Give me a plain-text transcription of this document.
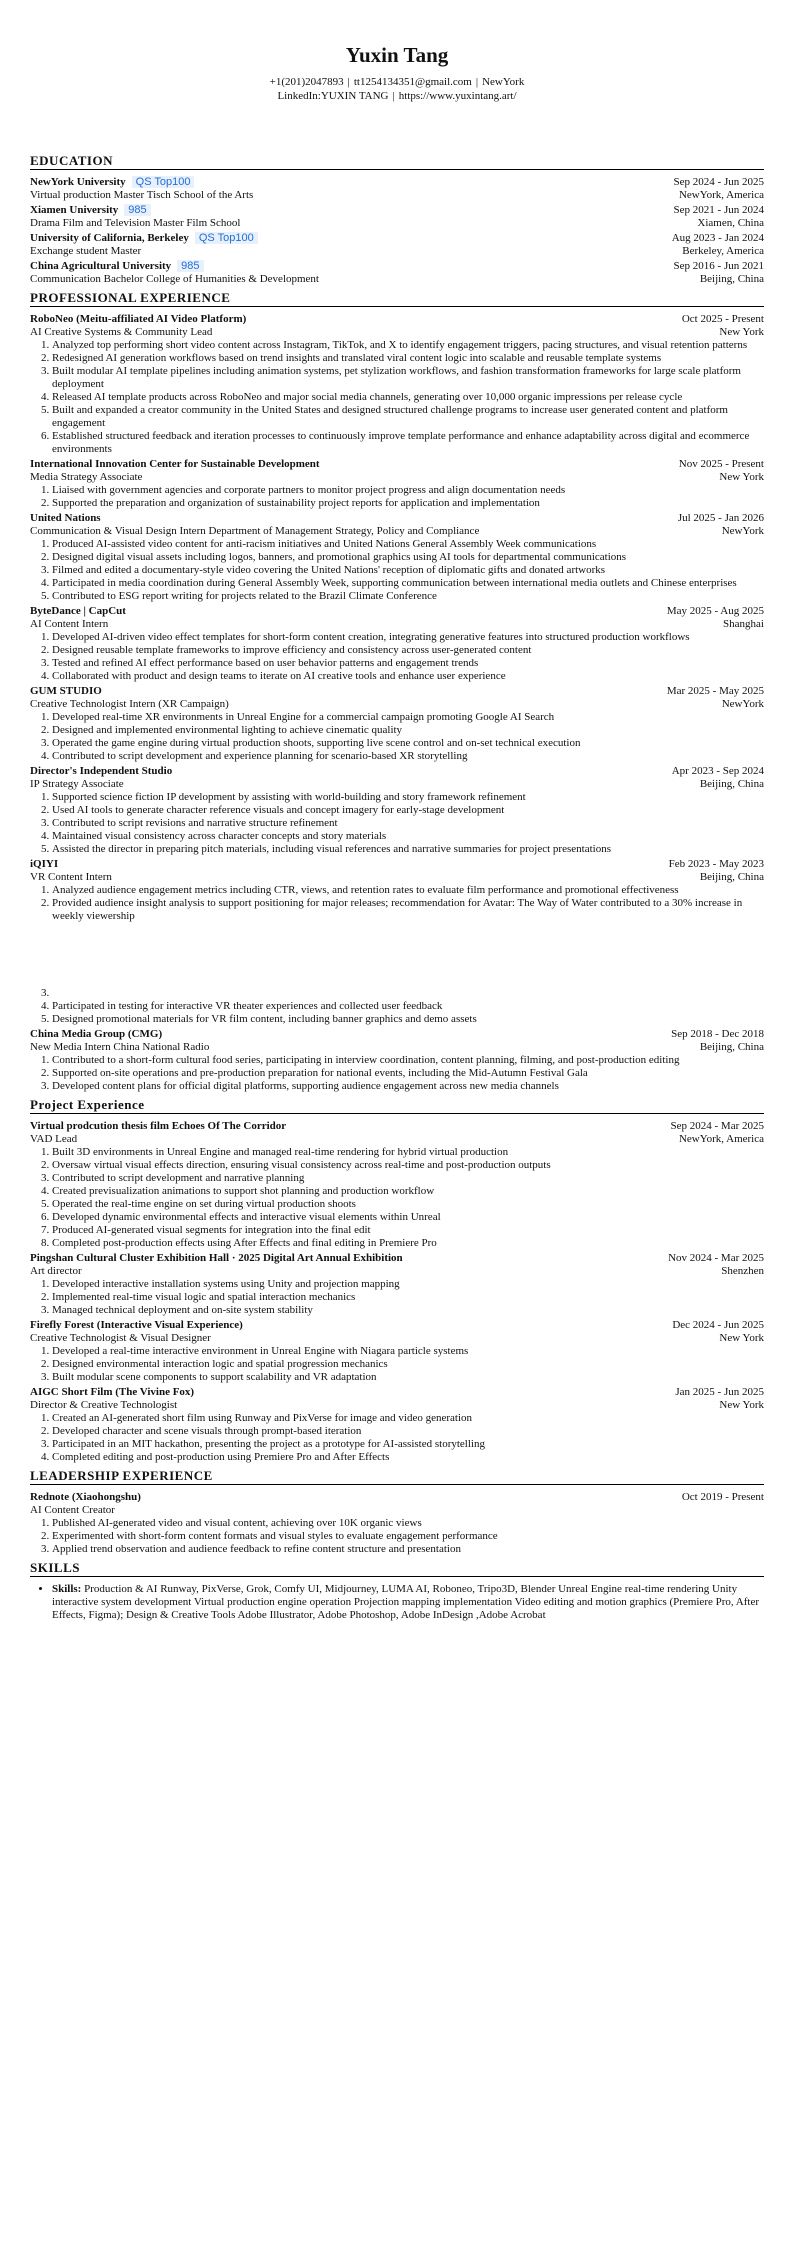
Yuxin Tang
+1(201)2047893 | tt1254134351@gmail.com | NewYork
LinkedIn:YUXIN TANG | https://www.yuxintang.art/
EDUCATION
NewYork University QS Top100	Sep 2024 - Jun 2025
Virtual production Master Tisch School of the Arts	NewYork, America
Xiamen University 985	Sep 2021 - Jun 2024
Drama Film and Television Master Film School	Xiamen, China
University of California, Berkeley QS Top100	Aug 2023 - Jan 2024
Exchange student Master	Berkeley, America
China Agricultural University 985	Sep 2016 - Jun 2021
Communication Bachelor College of Humanities & Development	Beijing, China
PROFESSIONAL EXPERIENCE
RoboNeo (Meitu-affiliated AI Video Platform)	Oct 2025 - Present
AI Creative Systems & Community Lead	New York
1. Analyzed top performing short video content across Instagram, TikTok, and X to identify engagement triggers, pacing structures, and visual retention patterns
2. Redesigned AI generation workflows based on trend insights and translated viral content logic into scalable and reusable template systems
3. Built modular AI template pipelines including animation systems, pet stylization workflows, and fashion transformation frameworks for large scale platform deployment
4. Released AI template products across RoboNeo and major social media channels, generating over 10,000 organic impressions per release cycle
5. Built and expanded a creator community in the United States and designed structured challenge programs to increase user generated content and platform engagement
6. Established structured feedback and iteration processes to continuously improve template performance and enhance adaptability across digital and ecommerce environments
International Innovation Center for Sustainable Development	Nov 2025 - Present
Media Strategy Associate	New York
1. Liaised with government agencies and corporate partners to monitor project progress and align documentation needs
2. Supported the preparation and organization of sustainability project reports for application and implementation
United Nations	Jul 2025 - Jan 2026
Communication & Visual Design Intern Department of Management Strategy, Policy and Compliance	NewYork
1. Produced AI-assisted video content for anti-racism initiatives and United Nations General Assembly Week communications
2. Designed digital visual assets including logos, banners, and promotional graphics using AI tools for departmental communications
3. Filmed and edited a documentary-style video covering the United Nations' reception of diplomatic gifts and donated artworks
4. Participated in media coordination during General Assembly Week, supporting communication between international media outlets and Chinese enterprises
5. Contributed to ESG report writing for projects related to the Brazil Climate Conference
ByteDance | CapCut	May 2025 - Aug 2025
AI Content Intern	Shanghai
1. Developed AI-driven video effect templates for short-form content creation, integrating generative features into structured production workflows
2. Designed reusable template frameworks to improve efficiency and consistency across user-generated content
3. Tested and refined AI effect performance based on user behavior patterns and engagement trends
4. Collaborated with product and design teams to iterate on AI creative tools and enhance user experience
GUM STUDIO	Mar 2025 - May 2025
Creative Technologist Intern (XR Campaign)	NewYork
1. Developed real-time XR environments in Unreal Engine for a commercial campaign promoting Google AI Search
2. Designed and implemented environmental lighting to achieve cinematic quality
3. Operated the game engine during virtual production shoots, supporting live scene control and on-set technical execution
4. Contributed to script development and experience planning for scenario-based XR storytelling
Director's Independent Studio	Apr 2023 - Sep 2024
IP Strategy Associate	Beijing, China
1. Supported science fiction IP development by assisting with world-building and story framework refinement
2. Used AI tools to generate character reference visuals and concept imagery for early-stage development
3. Contributed to script revisions and narrative structure refinement
4. Maintained visual consistency across character concepts and story materials
5. Assisted the director in preparing pitch materials, including visual references and narrative summaries for project presentations
iQIYI	Feb 2023 - May 2023
VR Content Intern	Beijing, China
1. Analyzed audience engagement metrics including CTR, views, and retention rates to evaluate film performance and promotional effectiveness
2. Provided audience insight analysis to support positioning for major releases; recommendation for Avatar: The Way of Water contributed to a 30% increase in weekly viewership
3.
4. Participated in testing for interactive VR theater experiences and collected user feedback
5. Designed promotional materials for VR film content, including banner graphics and demo assets
China Media Group (CMG)	Sep 2018 - Dec 2018
New Media Intern China National Radio	Beijing, China
1. Contributed to a short-form cultural food series, participating in interview coordination, content planning, filming, and post-production editing
2. Supported on-site operations and pre-production preparation for national events, including the Mid-Autumn Festival Gala
3. Developed content plans for official digital platforms, supporting audience engagement across new media channels
Project Experience
Virtual prodcution thesis film Echoes Of The Corridor	Sep 2024 - Mar 2025
VAD Lead	NewYork, America
1. Built 3D environments in Unreal Engine and managed real-time rendering for hybrid virtual production
2. Oversaw virtual visual effects direction, ensuring visual consistency across real-time and post-production outputs
3. Contributed to script development and narrative planning
4. Created previsualization animations to support shot planning and production workflow
5. Operated the real-time engine on set during virtual production shoots
6. Developed dynamic environmental effects and interactive visual elements within Unreal
7. Produced AI-generated visual segments for integration into the final edit
8. Completed post-production effects using After Effects and final editing in Premiere Pro
Pingshan Cultural Cluster Exhibition Hall · 2025 Digital Art Annual Exhibition	Nov 2024 - Mar 2025
Art director	Shenzhen
1. Developed interactive installation systems using Unity and projection mapping
2. Implemented real-time visual logic and spatial interaction mechanics
3. Managed technical deployment and on-site system stability
Firefly Forest (Interactive Visual Experience)	Dec 2024 - Jun 2025
Creative Technologist & Visual Designer	New York
1. Developed a real-time interactive environment in Unreal Engine with Niagara particle systems
2. Designed environmental interaction logic and spatial progression mechanics
3. Built modular scene components to support scalability and VR adaptation
AIGC Short Film (The Vivine Fox)	Jan 2025 - Jun 2025
Director & Creative Technologist	New York
1. Created an AI-generated short film using Runway and PixVerse for image and video generation
2. Developed character and scene visuals through prompt-based iteration
3. Participated in an MIT hackathon, presenting the project as a prototype for AI-assisted storytelling
4. Completed editing and post-production using Premiere Pro and After Effects
LEADERSHIP EXPERIENCE
Rednote (Xiaohongshu)	Oct 2019 - Present
AI Content Creator
1. Published AI-generated video and visual content, achieving over 10K organic views
2. Experimented with short-form content formats and visual styles to evaluate engagement performance
3. Applied trend observation and audience feedback to refine content structure and presentation
SKILLS
• Skills: Production & AI Runway, PixVerse, Grok, Comfy UI, Midjourney, LUMA AI, Roboneo, Tripo3D, Blender Unreal Engine real-time rendering Unity interactive system development Virtual production engine operation Projection mapping implementation Video editing and motion graphics (Premiere Pro, After Effects, Figma); Design & Creative Tools Adobe Illustrator, Adobe Photoshop, Adobe InDesign ,Adobe Acrobat
